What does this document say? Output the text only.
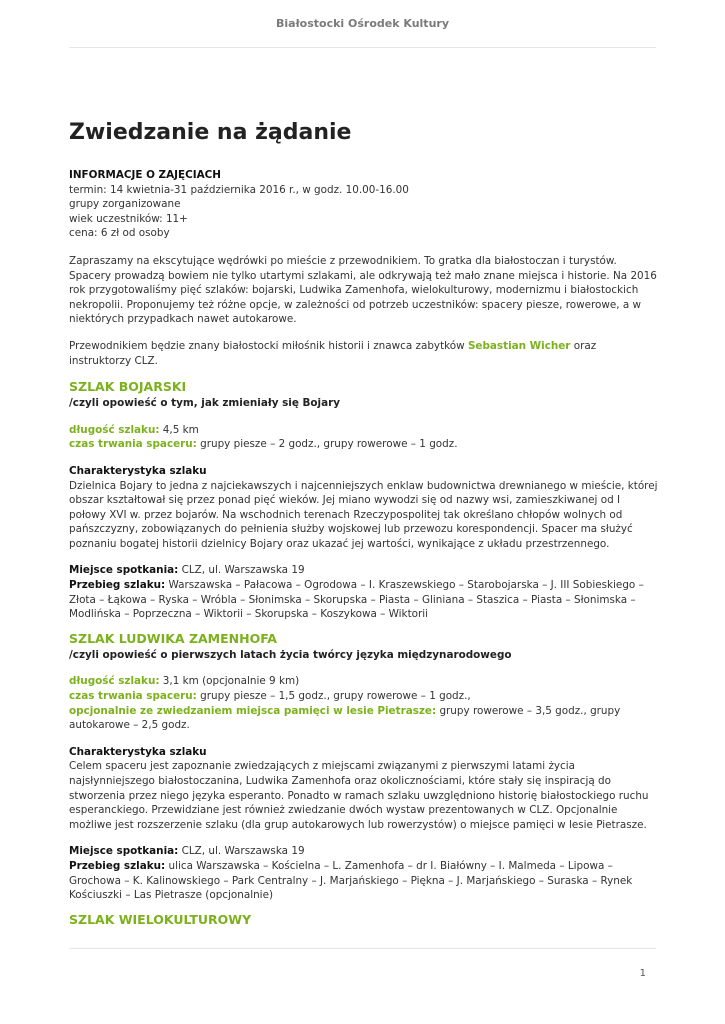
Białostocki Ośrodek Kultury
Zwiedzanie na żądanie
INFORMACJE O ZAJĘCIACH
termin: 14 kwietnia-31 października 2016 r., w godz. 10.00-16.00
grupy zorganizowane
wiek uczestników: 11+
cena: 6 zł od osoby
Zapraszamy na ekscytujące wędrówki po mieście z przewodnikiem. To gratka dla białostoczan i turystów. Spacery prowadzą bowiem nie tylko utartymi szlakami, ale odkrywają też mało znane miejsca i historie. Na 2016 rok przygotowaliśmy pięć szlaków: bojarski, Ludwika Zamenhofa, wielokulturowy, modernizmu i białostockich nekropolii. Proponujemy też różne opcje, w zależności od potrzeb uczestników: spacery piesze, rowerowe, a w niektórych przypadkach nawet autokarowe.
Przewodnikiem będzie znany białostocki miłośnik historii i znawca zabytków Sebastian Wicher oraz instruktorzy CLZ.
SZLAK BOJARSKI
/czyli opowieść o tym, jak zmieniały się Bojary
długość szlaku: 4,5 km
czas trwania spaceru: grupy piesze – 2 godz., grupy rowerowe – 1 godz.
Charakterystyka szlaku
Dzielnica Bojary to jedna z najciekawszych i najcenniejszych enklaw budownictwa drewnianego w mieście, której obszar kształtował się przez ponad pięć wieków. Jej miano wywodzi się od nazwy wsi, zamieszkiwanej od I połowy XVI w. przez bojarów. Na wschodnich terenach Rzeczypospolitej tak określano chłopów wolnych od pańszczyzny, zobowiązanych do pełnienia służby wojskowej lub przewozu korespondencji. Spacer ma służyć poznaniu bogatej historii dzielnicy Bojary oraz ukazać jej wartości, wynikające z układu przestrzennego.
Miejsce spotkania: CLZ, ul. Warszawska 19
Przebieg szlaku: Warszawska – Pałacowa – Ogrodowa – I. Kraszewskiego – Starobojarska – J. III Sobieskiego – Złota – Łąkowa – Ryska – Wróbla – Słonimska – Skorupska – Piasta – Gliniana – Staszica – Piasta – Słonimska – Modlińska – Poprzeczna – Wiktorii – Skorupska – Koszykowa – Wiktorii
SZLAK LUDWIKA ZAMENHOFA
/czyli opowieść o pierwszych latach życia twórcy języka międzynarodowego
długość szlaku: 3,1 km (opcjonalnie 9 km)
czas trwania spaceru: grupy piesze – 1,5 godz., grupy rowerowe – 1 godz.,
opcjonalnie ze zwiedzaniem miejsca pamięci w lesie Pietrasze: grupy rowerowe – 3,5 godz., grupy autokarowe – 2,5 godz.
Charakterystyka szlaku
Celem spaceru jest zapoznanie zwiedzających z miejscami związanymi z pierwszymi latami życia najsłynniejszego białostoczanina, Ludwika Zamenhofa oraz okolicznościami, które stały się inspiracją do stworzenia przez niego języka esperanto. Ponadto w ramach szlaku uwzględniono historię białostockiego ruchu esperanckiego. Przewidziane jest również zwiedzanie dwóch wystaw prezentowanych w CLZ. Opcjonalnie możliwe jest rozszerzenie szlaku (dla grup autokarowych lub rowerzystów) o miejsce pamięci w lesie Pietrasze.
Miejsce spotkania: CLZ, ul. Warszawska 19
Przebieg szlaku: ulica Warszawska – Kościelna – L. Zamenhofa – dr I. Białówny – I. Malmeda – Lipowa – Grochowa – K. Kalinowskiego – Park Centralny – J. Marjańskiego – Piękna – J. Marjańskiego – Suraska – Rynek Kościuszki – Las Pietrasze (opcjonalnie)
SZLAK WIELOKULTUROWY
1
